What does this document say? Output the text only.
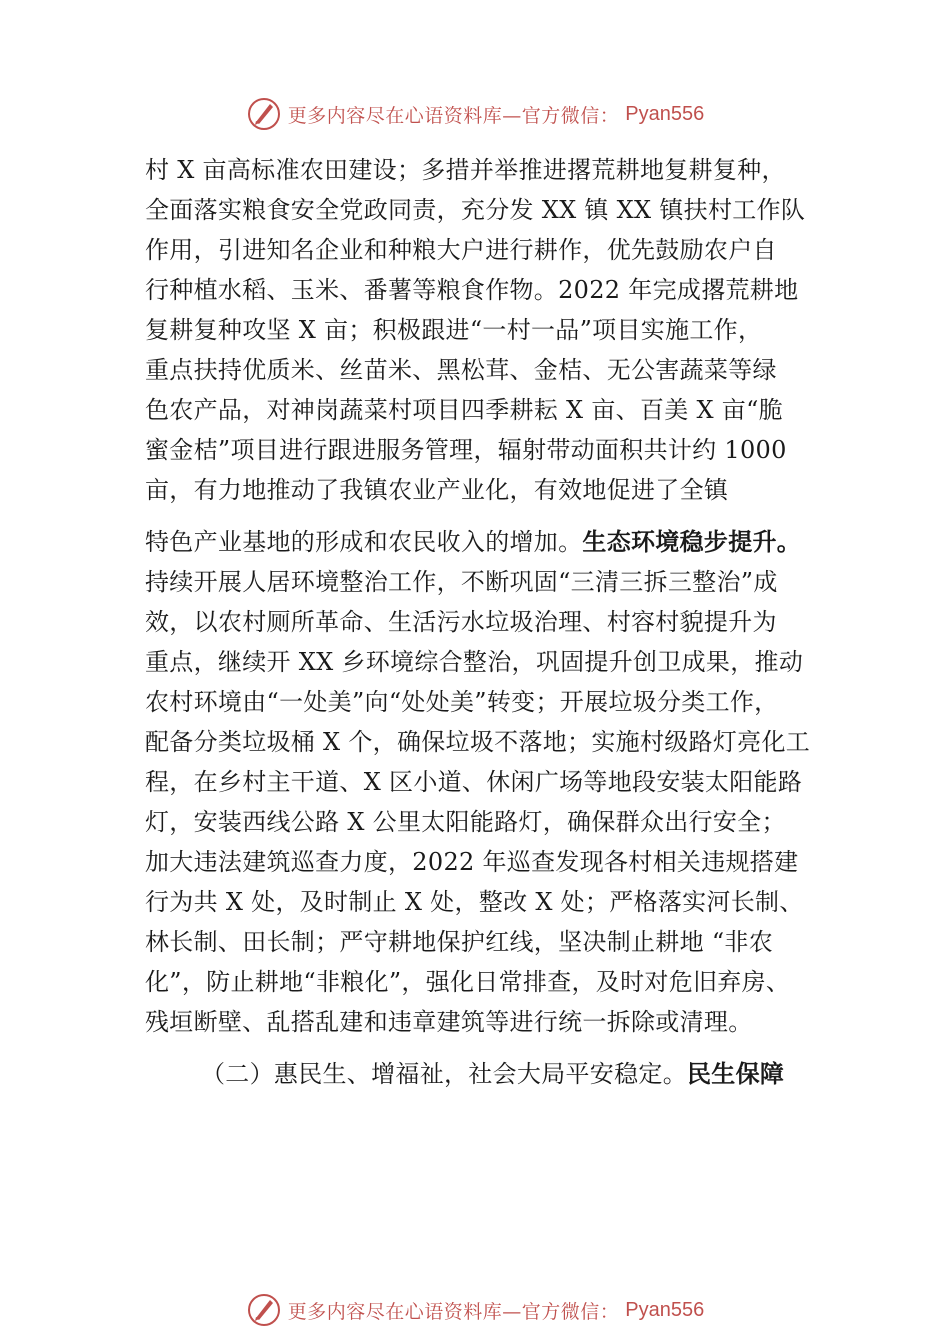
更多内容尽在心语资料库—官方微信： Pyan556
村 X 亩高标准农田建设；多措并举推进撂荒耕地复耕复种，
全面落实粮食安全党政同责，充分发 XX 镇 XX 镇扶村工作队
作用，引进知名企业和种粮大户进行耕作，优先鼓励农户自
行种植水稻、玉米、番薯等粮食作物。2022 年完成撂荒耕地
复耕复种攻坚 X 亩；积极跟进“一村一品”项目实施工作，
重点扶持优质米、丝苗米、黑松茸、金桔、无公害蔬菜等绿
色农产品，对神岗蔬菜村项目四季耕耘 X 亩、百美 X 亩“脆
蜜金桔”项目进行跟进服务管理，辐射带动面积共计约 1000
亩，有力地推动了我镇农业产业化，有效地促进了全镇
特色产业基地的形成和农民收入的增加。生态环境稳步提升。
持续开展人居环境整治工作，不断巩固“三清三拆三整治”成
效，以农村厕所革命、生活污水垃圾治理、村容村貌提升为
重点，继续开 XX 乡环境综合整治，巩固提升创卫成果，推动
农村环境由“一处美”向“处处美”转变；开展垃圾分类工作，
配备分类垃圾桶 X 个，确保垃圾不落地；实施村级路灯亮化工
程，在乡村主干道、X 区小道、休闲广场等地段安装太阳能路
灯，安装西线公路 X 公里太阳能路灯，确保群众出行安全；
加大违法建筑巡查力度，2022 年巡查发现各村相关违规搭建
行为共 X 处，及时制止 X 处，整改 X 处；严格落实河长制、
林长制、田长制；严守耕地保护红线，坚决制止耕地 “非农
化”，防止耕地“非粮化”，强化日常排查，及时对危旧弃房、
残垣断壁、乱搭乱建和违章建筑等进行统一拆除或清理。
（二）惠民生、增福祉，社会大局平安稳定。民生保障
更多内容尽在心语资料库—官方微信： Pyan556
